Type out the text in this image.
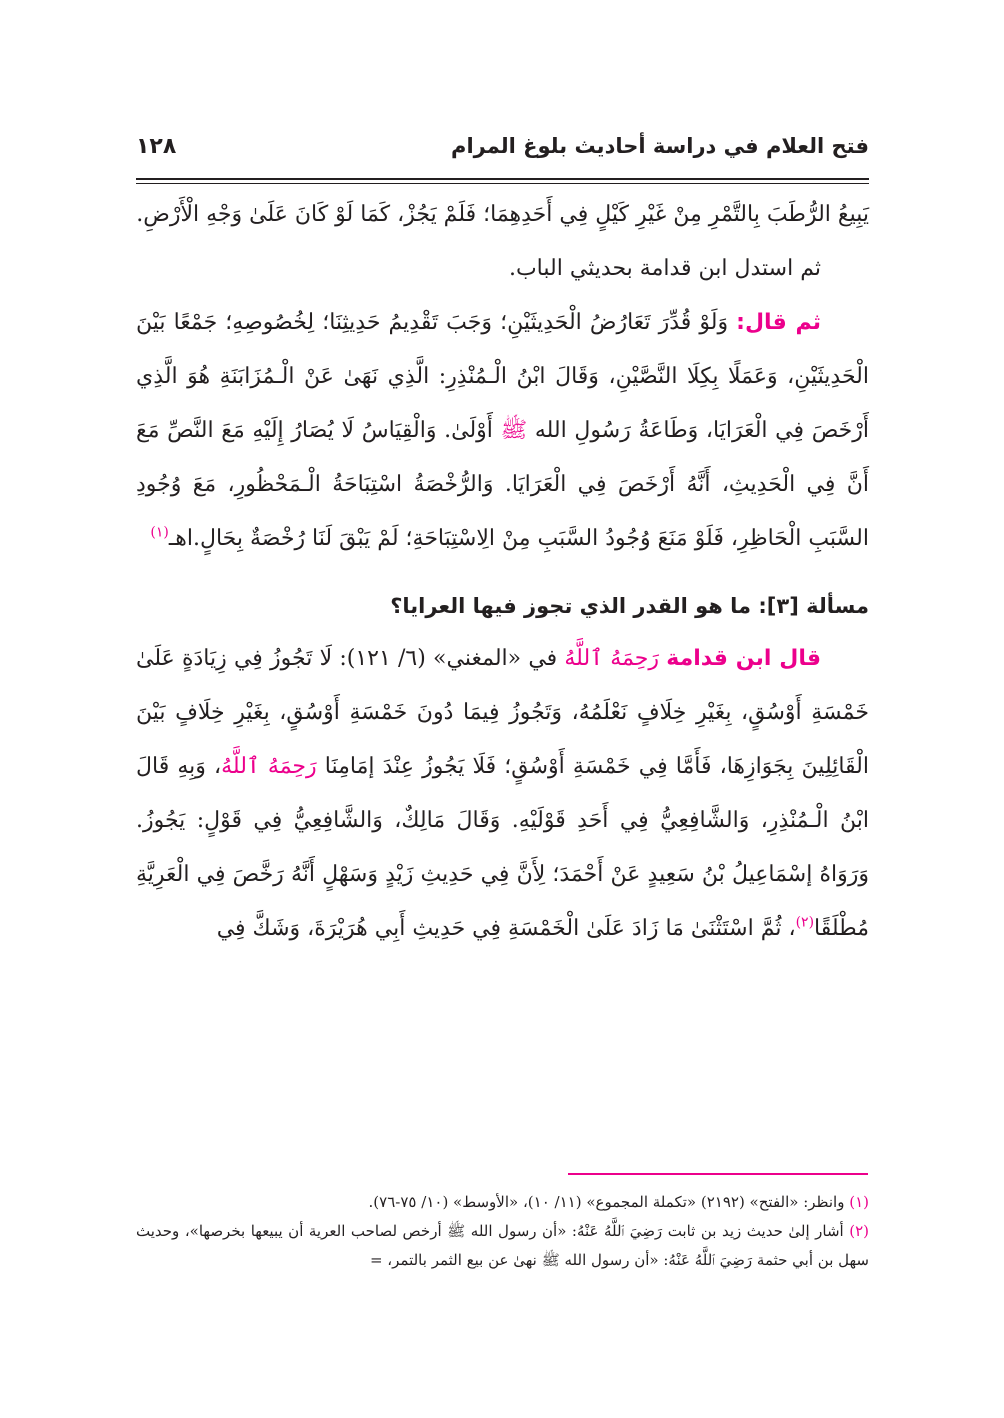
فتح العلام في دراسة أحاديث بلوغ المرام
١٢٨

يَبِيعُ الرُّطَبَ بِالتَّمْرِ مِنْ غَيْرِ كَيْلٍ فِي أَحَدِهِمَا؛ فَلَمْ يَجُزْ، كَمَا لَوْ كَانَ عَلَىٰ وَجْهِ الْأَرْضِ.

ثم استدل ابن قدامة بحديثي الباب.

ثم قال: وَلَوْ قُدِّرَ تَعَارُضُ الْحَدِيثَيْنِ؛ وَجَبَ تَقْدِيمُ حَدِيثِنَا؛ لِخُصُوصِهِ؛ جَمْعًا بَيْنَ الْحَدِيثَيْنِ، وَعَمَلًا بِكِلَا النَّصَّيْنِ، وَقَالَ ابْنُ الْـمُنْذِرِ: الَّذِي نَهَىٰ عَنْ الْـمُزَابَنَةِ هُوَ الَّذِي أَرْخَصَ فِي الْعَرَايَا، وَطَاعَةُ رَسُولِ الله ﷺ أَوْلَىٰ. وَالْقِيَاسُ لَا يُصَارُ إِلَيْهِ مَعَ النَّصِّ مَعَ أَنَّ فِي الْحَدِيثِ، أَنَّهُ أَرْخَصَ فِي الْعَرَايَا. وَالرُّخْصَةُ اسْتِبَاحَةُ الْـمَحْظُورِ، مَعَ وُجُودِ السَّبَبِ الْحَاظِرِ، فَلَوْ مَنَعَ وُجُودُ السَّبَبِ مِنْ الِاسْتِبَاحَةِ؛ لَمْ يَبْقَ لَنَا رُخْصَةٌ بِحَالٍ.اهـ$^{(١)}$

مسألة [٣]: ما هو القدر الذي تجوز فيها العرايا؟

قال ابن قدامة رَحِمَهُ ٱللَّهُ في «المغني» (٦/ ١٢١): لَا تَجُوزُ فِي زِيَادَةٍ عَلَىٰ خَمْسَةِ أَوْسُقٍ، بِغَيْرِ خِلَافٍ نَعْلَمُهُ، وَتَجُوزُ فِيمَا دُونَ خَمْسَةِ أَوْسُقٍ، بِغَيْرِ خِلَافٍ بَيْنَ الْقَائِلِينَ بِجَوَازِهَا، فَأَمَّا فِي خَمْسَةِ أَوْسُقٍ؛ فَلَا يَجُوزُ عِنْدَ إمَامِنَا رَحِمَهُ ٱللَّهُ، وَبِهِ قَالَ ابْنُ الْـمُنْذِرِ، وَالشَّافِعِيُّ فِي أَحَدِ قَوْلَيْهِ. وَقَالَ مَالِكٌ، وَالشَّافِعِيُّ فِي قَوْلٍ: يَجُوزُ. وَرَوَاهُ إسْمَاعِيلُ بْنُ سَعِيدٍ عَنْ أَحْمَدَ؛ لِأَنَّ فِي حَدِيثِ زَيْدٍ وَسَهْلٍ أَنَّهُ رَخَّصَ فِي الْعَرِيَّةِ مُطْلَقًا$^{(٢)}$، ثُمَّ اسْتَثْنَىٰ مَا زَادَ عَلَىٰ الْخَمْسَةِ فِي حَدِيثِ أَبِي هُرَيْرَةَ، وَشَكَّ فِي

(١) وانظر: «الفتح» (٢١٩٢) «تكملة المجموع» (١١/ ١٠)، «الأوسط» (١٠/ ٧٥-٧٦).

(٢) أشار إلىٰ حديث زيد بن ثابت رَضِيَ ٱللَّهُ عَنْهُ: «أن رسول الله ﷺ أرخص لصاحب العرية أن يبيعها بخرصها»، وحديث سهل بن أبي حثمة رَضِيَ ٱللَّهُ عَنْهُ: «أن رسول الله ﷺ نهىٰ عن بيع الثمر بالتمر، =
